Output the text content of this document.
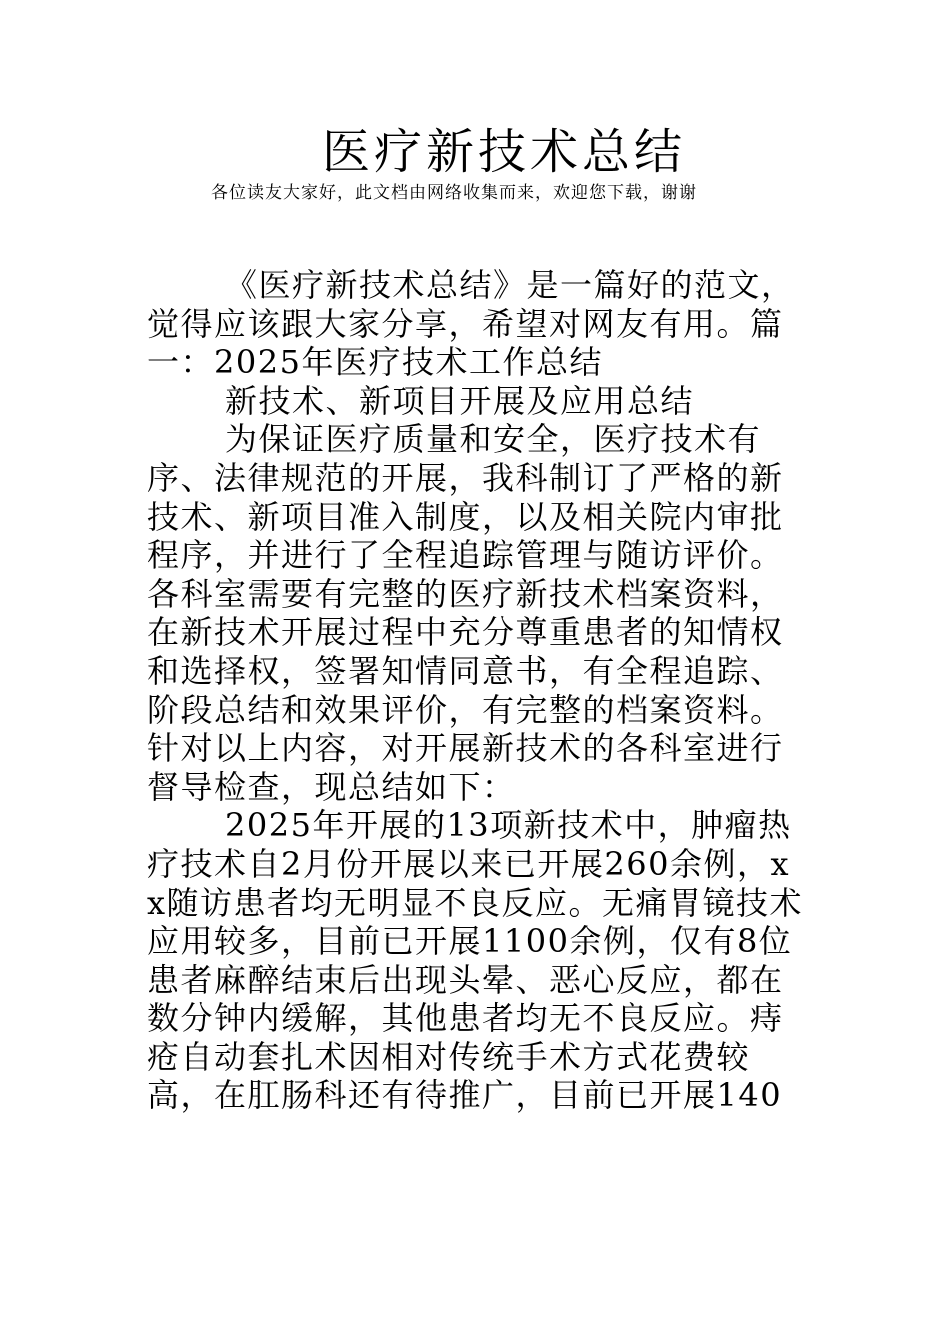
医疗新技术总结

各位读友大家好，此文档由网络收集而来，欢迎您下载，谢谢

《医疗新技术总结》是一篇好的范文，觉得应该跟大家分享，希望对网友有用。篇一：2025年医疗技术工作总结

新技术、新项目开展及应用总结

为保证医疗质量和安全，医疗技术有序、法律规范的开展，我科制订了严格的新技术、新项目准入制度，以及相关院内审批程序，并进行了全程追踪管理与随访评价。各科室需要有完整的医疗新技术档案资料，在新技术开展过程中充分尊重患者的知情权和选择权，签署知情同意书，有全程追踪、阶段总结和效果评价，有完整的档案资料。针对以上内容，对开展新技术的各科室进行督导检查，现总结如下：

2025年开展的13项新技术中，肿瘤热疗技术自2月份开展以来已开展260余例，xx随访患者均无明显不良反应。无痛胃镜技术应用较多，目前已开展1100余例，仅有8位患者麻醉结束后出现头晕、恶心反应，都在数分钟内缓解，其他患者均无不良反应。痔疮自动套扎术因相对传统手术方式花费较高，在肛肠科还有待推广，目前已开展140
